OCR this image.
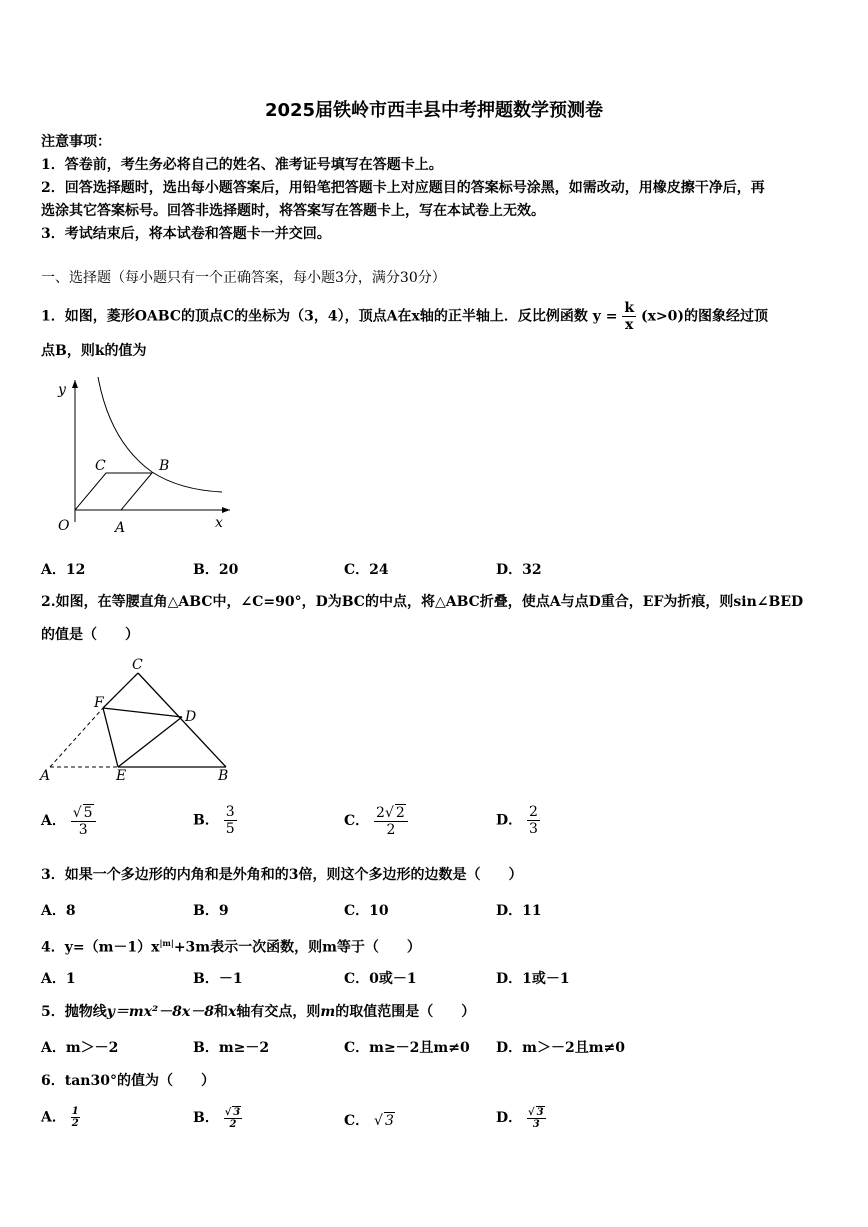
2025届铁岭市西丰县中考押题数学预测卷
注意事项：
1．答卷前，考生务必将自己的姓名、准考证号填写在答题卡上。
2．回答选择题时，选出每小题答案后，用铅笔把答题卡上对应题目的答案标号涂黑，如需改动，用橡皮擦干净后，再
选涂其它答案标号。回答非选择题时，将答案写在答题卡上，写在本试卷上无效。
3．考试结束后，将本试卷和答题卡一并交回。
一、选择题（每小题只有一个正确答案，每小题3分，满分30分）
1．如图，菱形OABC的顶点C的坐标为（3，4），顶点A在x轴的正半轴上．反比例函数 $y = \frac{k}{x} (x>0)$的图象经过顶
点B，则k的值为
y
x
O	A
C	B
A．12	B．20	C．24	D．32
2.如图，在等腰直角△ABC中，∠C=90°，D为BC的中点，将△ABC折叠，使点A与点D重合，EF为折痕，则sin∠BED
的值是（　　）
C
F
D
A	E	B
A． $\frac{√ 5}{3}$	B． $\frac{3}{5}$	C． $\frac{2√ 2}{2}$	D． $\frac{2}{3}$
3．如果一个多边形的内角和是外角和的3倍，则这个多边形的边数是（　　）
A．8	B．9	C．10	D．11
4．$y=(m-1)x^{|m|}+3m$表示一次函数，则m等于（　　）
A．1	B．－1	C．0或－1	D．1或－1
5．抛物线y＝mx²－8x－8和x轴有交点，则m的取值范围是（　　）
A．m＞－2	B．m≥－2	C．m≥－2且m≠0 D．m＞－2且m≠0
6．tan30°的值为（　　）
A． $\frac{1}{2}$	B． $\frac{√ 3}{2}$	C． √ 3	D． $\frac{√ 3}{3}$
